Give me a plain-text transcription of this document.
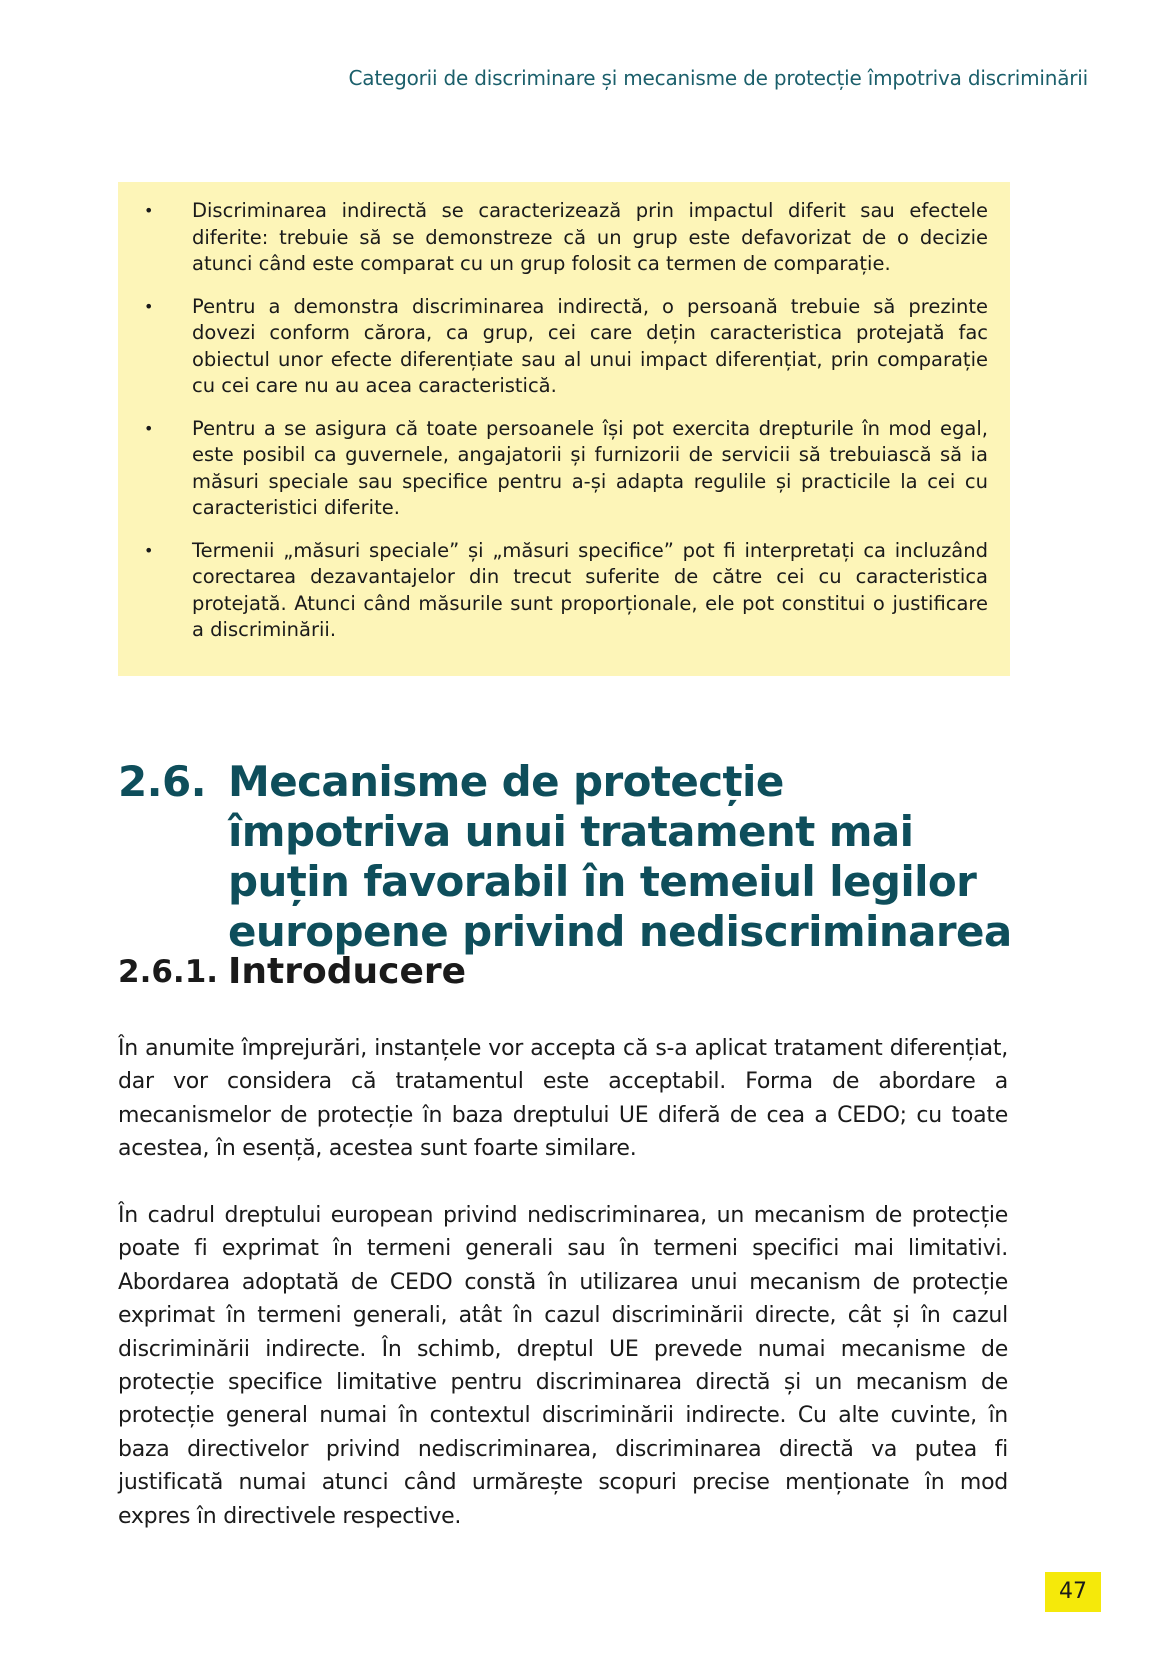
Categorii de discriminare și mecanisme de protecție împotriva discriminării
• Discriminarea indirectă se caracterizează prin impactul diferit sau efectele diferite: trebuie să se demonstreze că un grup este defavorizat de o decizie atunci când este comparat cu un grup folosit ca termen de comparație.
• Pentru a demonstra discriminarea indirectă, o persoană trebuie să prezinte dovezi conform cărora, ca grup, cei care dețin caracteristica protejată fac obiectul unor efecte diferențiate sau al unui impact diferențiat, prin comparație cu cei care nu au acea caracteristică.
• Pentru a se asigura că toate persoanele își pot exercita drepturile în mod egal, este posibil ca guvernele, angajatorii și furnizorii de servicii să trebuiască să ia măsuri speciale sau specifice pentru a-și adapta regulile și practicile la cei cu caracteristici diferite.
• Termenii „măsuri speciale” și „măsuri specifice” pot fi interpretați ca incluzând corectarea dezavantajelor din trecut suferite de către cei cu caracteristica protejată. Atunci când măsurile sunt proporționale, ele pot constitui o justificare a discriminării.
2.6. Mecanisme de protecție împotriva unui tratament mai puțin favorabil în temeiul legilor europene privind nediscriminarea
2.6.1. Introducere

În anumite împrejurări, instanțele vor accepta că s-a aplicat tratament diferențiat, dar vor considera că tratamentul este acceptabil. Forma de abordare a mecanismelor de protecție în baza dreptului UE diferă de cea a CEDO; cu toate acestea, în esență, acestea sunt foarte similare.

În cadrul dreptului european privind nediscriminarea, un mecanism de protecție poate fi exprimat în termeni generali sau în termeni specifici mai limitativi. Abordarea adoptată de CEDO constă în utilizarea unui mecanism de protecție exprimat în termeni generali, atât în cazul discriminării directe, cât și în cazul discriminării indirecte. În schimb, dreptul UE prevede numai mecanisme de protecție specifice limitative pentru discriminarea directă și un mecanism de protecție general numai în contextul discriminării indirecte. Cu alte cuvinte, în baza directivelor privind nediscriminarea, discriminarea directă va putea fi justificată numai atunci când urmărește scopuri precise menționate în mod expres în directivele respective.

47
